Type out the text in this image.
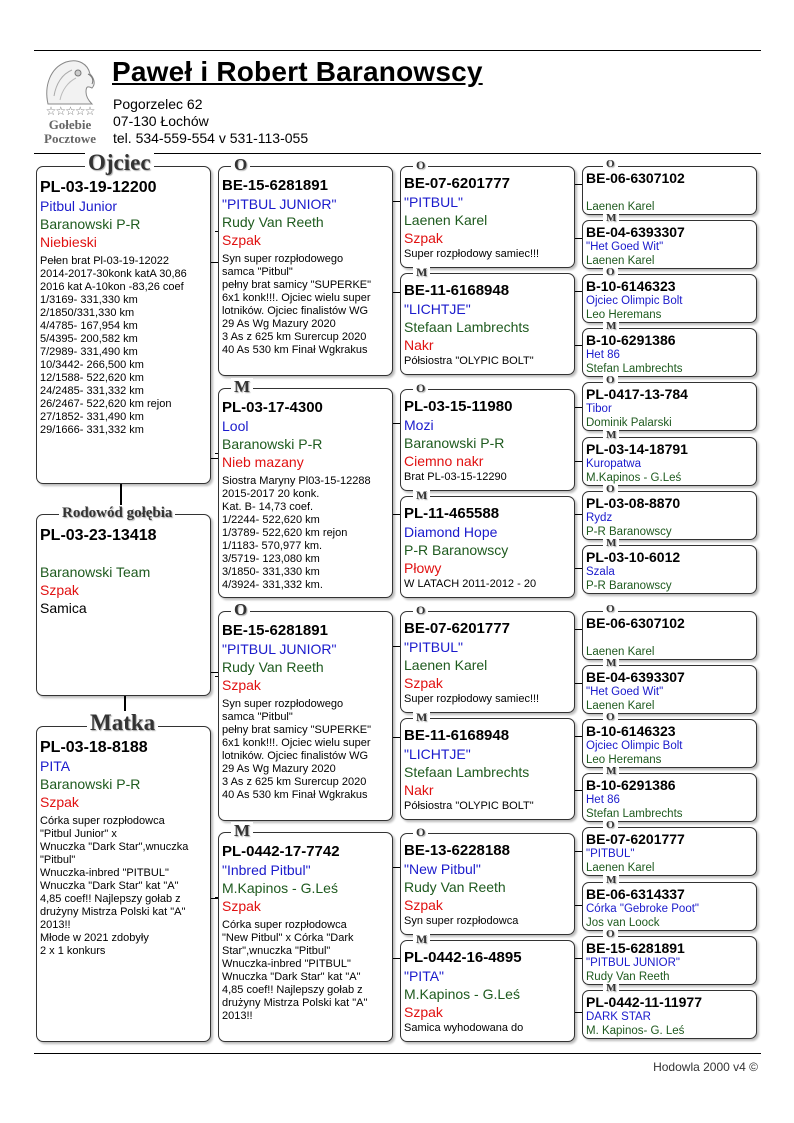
☆☆☆☆☆
Gołebie
Pocztowe
Paweł i Robert Baranowscy
Pogorzelec 62
07-130 Łochów
tel. 534-559-554 v 531-113-055
Ojciec
PL-03-19-12200
Pitbul Junior
Baranowski P-R
Niebieski
Pełen brat Pl-03-19-12022
2014-2017-30konk katA 30,86
2016 kat A-10kon -83,26 coef
1/3169- 331,330 km
2/1850/331,330 km
4/4785- 167,954 km
5/4395- 200,582 km
7/2989- 331,490 km
10/3442- 266,500 km
12/1588- 522,620 km
24/2485- 331,332 km
26/2467- 522,620 km rejon
27/1852- 331,490 km
29/1666- 331,332 km
Rodowód gołębia
PL-03-23-13418
Baranowski Team
Szpak
Samica
Matka
PL-03-18-8188
PITA
Baranowski P-R
Szpak
Córka super rozpłodowca
"Pitbul Junior" x
Wnuczka "Dark Star",wnuczka
"Pitbul"
Wnuczka-inbred "PITBUL"
Wnuczka "Dark Star" kat "A"
4,85 coef!! Najlepszy gołab z
drużyny Mistrza Polski kat "A"
2013!!
Młode w 2021 zdobyły
2 x 1 konkurs
O
BE-15-6281891
"PITBUL JUNIOR"
Rudy Van Reeth
Szpak
Syn super rozpłodowego
samca "Pitbul"
pełny brat samicy "SUPERKE"
6x1 konk!!!. Ojciec wielu super
lotników. Ojciec finalistów WG
29 As Wg Mazury 2020
3 As z 625 km Surercup 2020
40 As 530 km Finał Wgkrakus
M
PL-03-17-4300
Lool
Baranowski P-R
Nieb mazany
Siostra Maryny Pl03-15-12288
2015-2017 20 konk.
Kat. B- 14,73 coef.
1/2244- 522,620 km
1/3789- 522,620 km rejon
1/1183- 570,977 km.
3/5719- 123,080 km
3/1850- 331,330 km
4/3924- 331,332 km.
O
BE-15-6281891
"PITBUL JUNIOR"
Rudy Van Reeth
Szpak
Syn super rozpłodowego
samca "Pitbul"
pełny brat samicy "SUPERKE"
6x1 konk!!!. Ojciec wielu super
lotników. Ojciec finalistów WG
29 As Wg Mazury 2020
3 As z 625 km Surercup 2020
40 As 530 km Finał Wgkrakus
M
PL-0442-17-7742
"Inbred Pitbul"
M.Kapinos - G.Leś
Szpak
Córka super rozpłodowca
"New Pitbul" x Córka "Dark
Star",wnuczka "Pitbul"
Wnuczka-inbred "PITBUL"
Wnuczka "Dark Star" kat "A"
4,85 coef!! Najlepszy gołab z
drużyny Mistrza Polski kat "A"
2013!!
O
BE-07-6201777
"PITBUL"
Laenen Karel
Szpak
Super rozpłodowy samiec!!!
M
BE-11-6168948
"LICHTJE"
Stefaan Lambrechts
Nakr
Półsiostra "OLYPIC BOLT"
O
PL-03-15-11980
Mozi
Baranowski P-R
Ciemno nakr
Brat PL-03-15-12290
M
PL-11-465588
Diamond Hope
P-R Baranowscy
Płowy
W LATACH 2011-2012 - 20
O
BE-07-6201777
"PITBUL"
Laenen Karel
Szpak
Super rozpłodowy samiec!!!
M
BE-11-6168948
"LICHTJE"
Stefaan Lambrechts
Nakr
Półsiostra "OLYPIC BOLT"
O
BE-13-6228188
"New Pitbul"
Rudy Van Reeth
Szpak
Syn super rozpłodowca
M
PL-0442-16-4895
"PITA"
M.Kapinos - G.Leś
Szpak
Samica wyhodowana do
O
BE-06-6307102
Laenen Karel
M
BE-04-6393307
"Het Goed Wit"
Laenen Karel
O
B-10-6146323
Ojciec Olimpic Bolt
Leo Heremans
M
B-10-6291386
Het 86
Stefan Lambrechts
O
PL-0417-13-784
Tibor
Dominik Palarski
M
PL-03-14-18791
Kuropatwa
M.Kapinos - G.Leś
O
PL-03-08-8870
Rydz
P-R Baranowscy
M
PL-03-10-6012
Szala
P-R Baranowscy
O
BE-06-6307102
Laenen Karel
M
BE-04-6393307
"Het Goed Wit"
Laenen Karel
O
B-10-6146323
Ojciec Olimpic Bolt
Leo Heremans
M
B-10-6291386
Het 86
Stefan Lambrechts
O
BE-07-6201777
"PITBUL"
Laenen Karel
M
BE-06-6314337
Córka "Gebroke Poot"
Jos van Loock
O
BE-15-6281891
"PITBUL JUNIOR"
Rudy Van Reeth
M
PL-0442-11-11977
DARK STAR
M. Kapinos- G. Leś
Hodowla 2000 v4 ©
